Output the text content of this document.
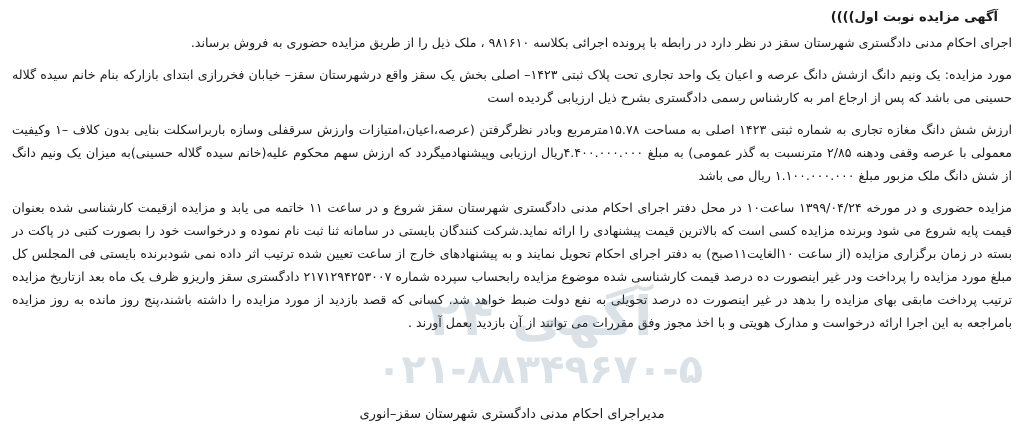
آگهی مزایده نوبت اول))))

اجرای احکام مدنی دادگستری شهرستان سقز در نظر دارد در رابطه با پرونده اجرائی بکلاسه ۹۸۱۶۱۰ ، ملک ذیل را از طریق مزایده حضوری به فروش برساند.

مورد مزایده: یک ونیم دانگ ازشش دانگ عرصه و اعیان یک واحد تجاری تحت پلاک ثبتی ۱۴۲۳– اصلی بخش یک سقز واقع درشهرستان سقز– خیابان فخررازی ابتدای بازارکه بنام خانم سیده گلاله حسینی می باشد که پس از ارجاع امر به کارشناس رسمی دادگستری بشرح ذیل ارزیابی گردیده است

ارزش شش دانگ مغازه تجاری به شماره ثبتی ۱۴۲۳ اصلی به مساحت ۱۵.۷۸مترمربع وبادر نظرگرفتن (عرصه،اعیان،امتیازات وارزش سرقفلی وسازه باربراسکلت بنایی بدون کلاف –۱ وکیفیت معمولی با عرصه وقفی ودهنه ۲/۸۵ مترنسبت به گذر عمومی) به مبلغ ۴.۴۰۰.۰۰۰.۰۰۰ریال ارزیابی وپیشنهادمیگردد که ارزش سهم محکوم علیه(خانم سیده گلاله حسینی)به میزان یک ونیم دانگ از شش دانگ ملک مزبور مبلغ ۱.۱۰۰.۰۰۰.۰۰۰ ریال می باشد

مزایده حضوری و در مورخه ۱۳۹۹/۰۴/۲۴ ساعت۱۰ در محل دفتر اجرای احکام مدنی دادگستری شهرستان سقز شروع و در ساعت ۱۱ خاتمه می یابد و مزایده ازقیمت کارشناسی شده بعنوان قیمت پایه شروع می شود وبرنده مزایده کسی است که بالاترین قیمت پیشنهادی را ارائه نماید.شرکت کنندگان بایستی در سامانه ثنا ثبت نام نموده و درخواست خود را بصورت کتبی در پاکت در بسته در زمان برگزاری مزایده (از ساعت ۱۰الغایت۱۱صبح) به دفتر اجرای احکام تحویل نمایند و به پیشنهادهای خارج از ساعت تعیین شده ترتیب اثر داده نمی شودبرنده بایستی فی المجلس کل مبلغ مورد مزایده را پرداخت ودر غیر اینصورت ده درصد قیمت کارشناسی شده موضوع مزایده رابحساب سپرده شماره ۲۱۷۱۲۹۴۲۵۳۰۰۷ دادگستری سقز واریزو ظرف یک ماه بعد ازتاریخ مزایده ترتیب پرداخت مابقی بهای مزایده را بدهد در غیر اینصورت ده درصد تحویلی به نفع دولت ضبط خواهد شد. کسانی که قصد بازدید از مورد مزایده را داشته باشند،پنج روز مانده به روز مزایده بامراجعه به این اجرا ارائه درخواست و مدارک هویتی و با اخذ مجوز وفق مقررات می توانند از آن بازدید بعمل آورند .

آگهی ۲۴
۰۲۱-۸۸۳۴۹۶۷۰-۵
مدیراجرای احکام مدنی دادگستری شهرستان سقز–انوری
